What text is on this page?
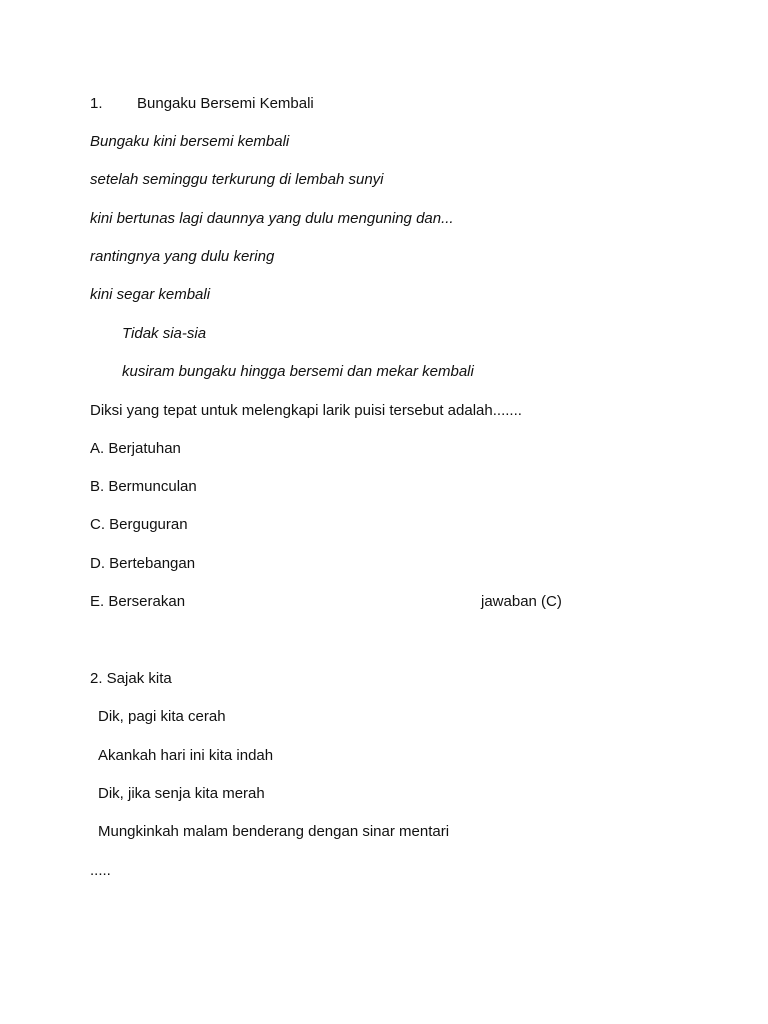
1. Bungaku Bersemi Kembali
Bungaku kini bersemi kembali
setelah seminggu terkurung di lembah sunyi
kini bertunas lagi daunnya yang dulu menguning dan...
rantingnya yang dulu kering
kini segar kembali
Tidak sia-sia
kusiram bungaku hingga bersemi dan mekar kembali
Diksi yang tepat untuk melengkapi larik puisi tersebut adalah.......
A. Berjatuhan
B. Bermunculan
C. Berguguran
D. Bertebangan
E. Berserakan	jawaban (C)
2. Sajak kita
Dik, pagi kita cerah
Akankah hari ini kita indah
Dik, jika senja kita merah
Mungkinkah malam benderang dengan sinar mentari
.....
